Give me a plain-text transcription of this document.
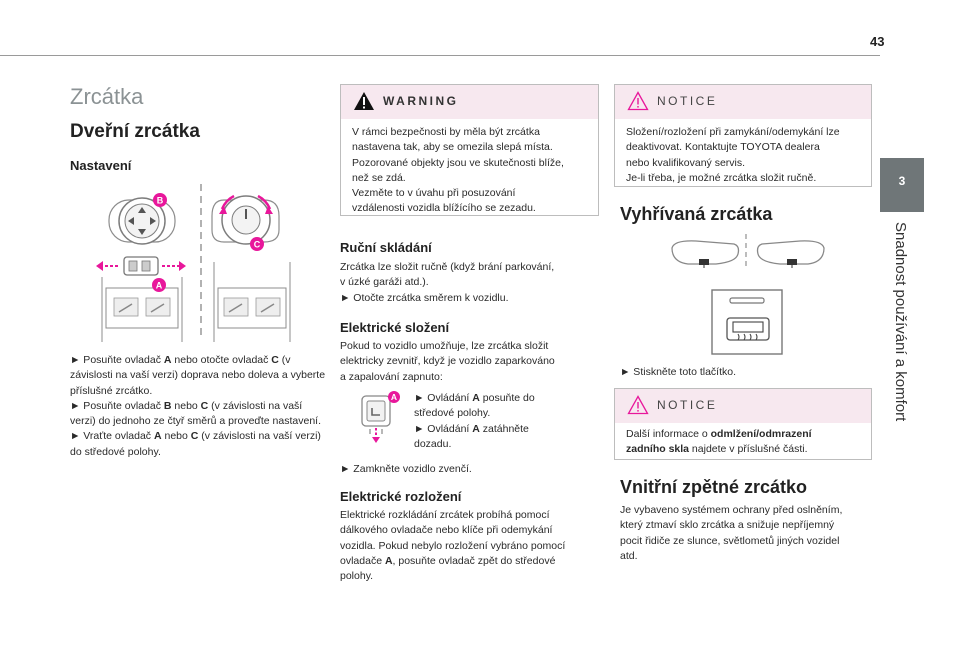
43
3
Snadnost používání a komfort
Zrcátka
Dveřní zrcátka
Nastavení
B
A
C
► Posuňte ovladač A nebo otočte ovladač C (v závislosti na vaší verzi) doprava nebo doleva a vyberte příslušné zrcátko.
► Posuňte ovladač B nebo C (v závislosti na vaší verzi) do jednoho ze čtyř směrů a proveďte nastavení.
► Vraťte ovladač A nebo C (v závislosti na vaší verzi) do středové polohy.
WARNING
V rámci bezpečnosti by měla být zrcátka
nastavena tak, aby se omezila slepá místa.
Pozorované objekty jsou ve skutečnosti blíže,
než se zdá.
Vezměte to v úvahu při posuzování
vzdálenosti vozidla blížícího se zezadu.
Ruční skládání
Zrcátka lze složit ručně (když brání parkování,
v úzké garáži atd.).
► Otočte zrcátka směrem k vozidlu.
Elektrické složení
Pokud to vozidlo umožňuje, lze zrcátka složit
elektricky zevnitř, když je vozidlo zaparkováno
a zapalování zapnuto:
A ► Ovládání A posuňte do
středové polohy.
► Ovládání A zatáhněte
dozadu.
► Zamkněte vozidlo zvenčí.
Elektrické rozložení
Elektrické rozkládání zrcátek probíhá pomocí
dálkového ovladače nebo klíče při odemykání
vozidla. Pokud nebylo rozložení vybráno pomocí
ovladače A, posuňte ovladač zpět do středové
polohy.
NOTICE
Složení/rozložení při zamykání/odemykání lze
deaktivovat. Kontaktujte TOYOTA dealera
nebo kvalifikovaný servis.
Je-li třeba, je možné zrcátka složit ručně.
Vyhřívaná zrcátka
► Stiskněte toto tlačítko.
NOTICE
Další informace o odmlžení/odmrazení
zadního skla najdete v příslušné části.
Vnitřní zpětné zrcátko
Je vybaveno systémem ochrany před oslněním,
který ztmaví sklo zrcátka a snižuje nepříjemný
pocit řidiče ze slunce, světlometů jiných vozidel
atd.
